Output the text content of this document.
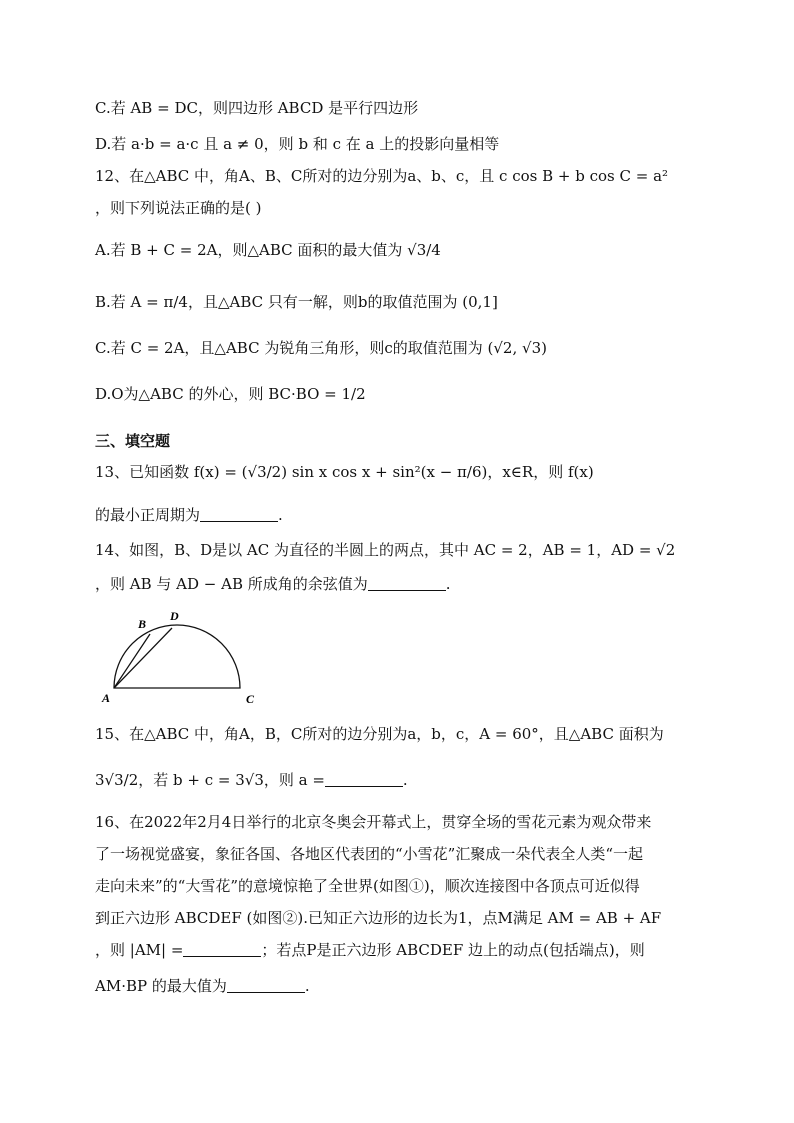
C.若 AB = DC，则四边形 ABCD 是平行四边形
D.若 a·b = a·c 且 a ≠ 0，则 b 和 c 在 a 上的投影向量相等
12、在△ABC 中，角A、B、C所对的边分别为a、b、c，且 c cos B + b cos C = a²
，则下列说法正确的是( )
A.若 B + C = 2A，则△ABC 面积的最大值为 √3/4
B.若 A = π/4，且△ABC 只有一解，则b的取值范围为 (0,1]
C.若 C = 2A，且△ABC 为锐角三角形，则c的取值范围为 (√2, √3)
D.O为△ABC 的外心，则 BC·BO = 1/2
三、填空题
13、已知函数 f(x) = (√3/2) sin x cos x + sin²(x − π/6)，x∈R，则 f(x)
的最小正周期为	.
14、如图，B、D是以 AC 为直径的半圆上的两点，其中 AC = 2，AB = 1，AD = √2
，则 AB 与 AD − AB 所成角的余弦值为	.
A
B
D
C
15、在△ABC 中，角A，B，C所对的边分别为a，b，c，A = 60°，且△ABC 面积为
3√3/2，若 b + c = 3√3，则 a =	.
16、在2022年2月4日举行的北京冬奥会开幕式上，贯穿全场的雪花元素为观众带来
了一场视觉盛宴，象征各国、各地区代表团的“小雪花”汇聚成一朵代表全人类“一起
走向未来”的“大雪花”的意境惊艳了全世界(如图①)，顺次连接图中各顶点可近似得
到正六边形 ABCDEF (如图②).已知正六边形的边长为1，点M满足 AM = AB + AF
，则 |AM| =	；若点P是正六边形 ABCDEF 边上的动点(包括端点)，则
AM·BP 的最大值为	.
